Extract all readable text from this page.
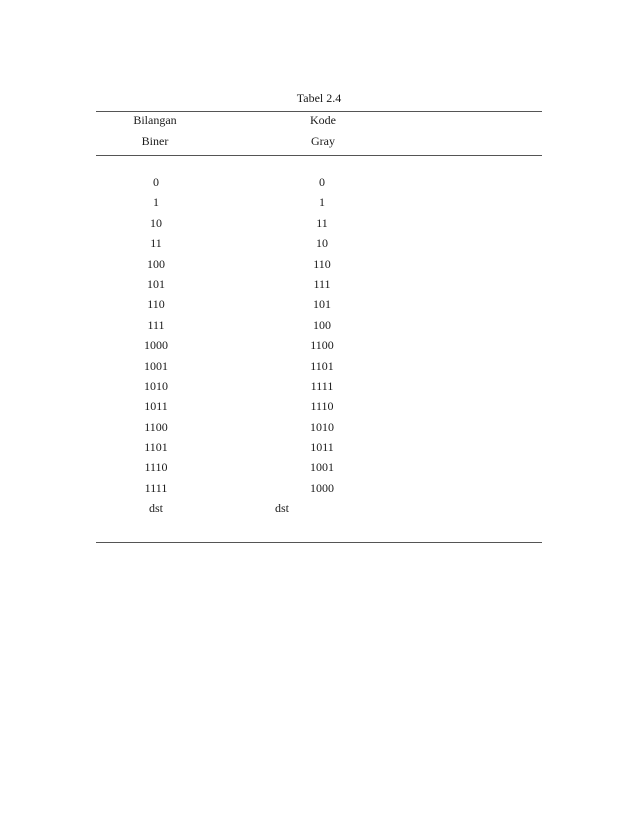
Tabel 2.4
Bilangan
Biner
Kode
Gray
0	0
1	1
10	11
11	10
100	110
101	111
110	101
111	100
1000	1100
1001	1101
1010	1111
1011	1110
1100	1010
1101	1011
1110	1001
1111	1000
dst	dst
